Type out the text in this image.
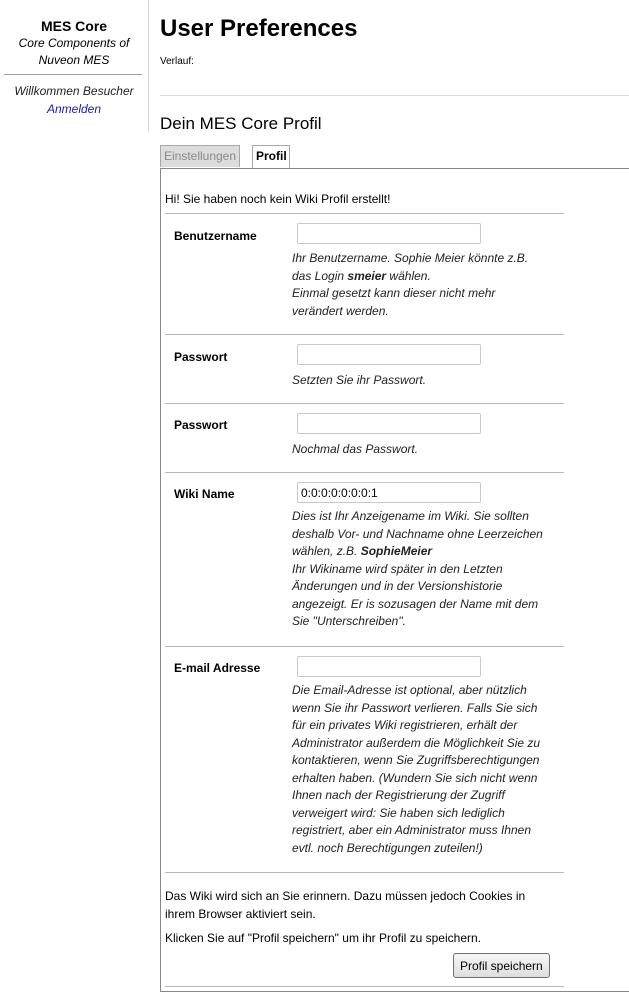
MES Core
Core Components of
Nuveon MES
Willkommen Besucher
Anmelden
User Preferences
Verlauf:
Dein MES Core Profil
Einstellungen	Profil
Hi! Sie haben noch kein Wiki Profil erstellt!
Benutzername
Ihr Benutzername. Sophie Meier könnte z.B.
das Login smeier wählen.
Einmal gesetzt kann dieser nicht mehr
verändert werden.
Passwort
Setzten Sie ihr Passwort.
Passwort
Nochmal das Passwort.
Wiki Name
0:0:0:0:0:0:0:1
Dies ist Ihr Anzeigename im Wiki. Sie sollten
deshalb Vor- und Nachname ohne Leerzeichen
wählen, z.B. SophieMeier
Ihr Wikiname wird später in den Letzten
Änderungen und in der Versionshistorie
angezeigt. Er is sozusagen der Name mit dem
Sie "Unterschreiben".
E-mail Adresse
Die Email-Adresse ist optional, aber nützlich
wenn Sie ihr Passwort verlieren. Falls Sie sich
für ein privates Wiki registrieren, erhält der
Administrator außerdem die Möglichkeit Sie zu
kontaktieren, wenn Sie Zugriffsberechtigungen
erhalten haben. (Wundern Sie sich nicht wenn
Ihnen nach der Registrierung der Zugriff
verweigert wird: Sie haben sich lediglich
registriert, aber ein Administrator muss Ihnen
evtl. noch Berechtigungen zuteilen!)
Das Wiki wird sich an Sie erinnern. Dazu müssen jedoch Cookies in
ihrem Browser aktiviert sein.
Klicken Sie auf "Profil speichern" um ihr Profil zu speichern.
Profil speichern
